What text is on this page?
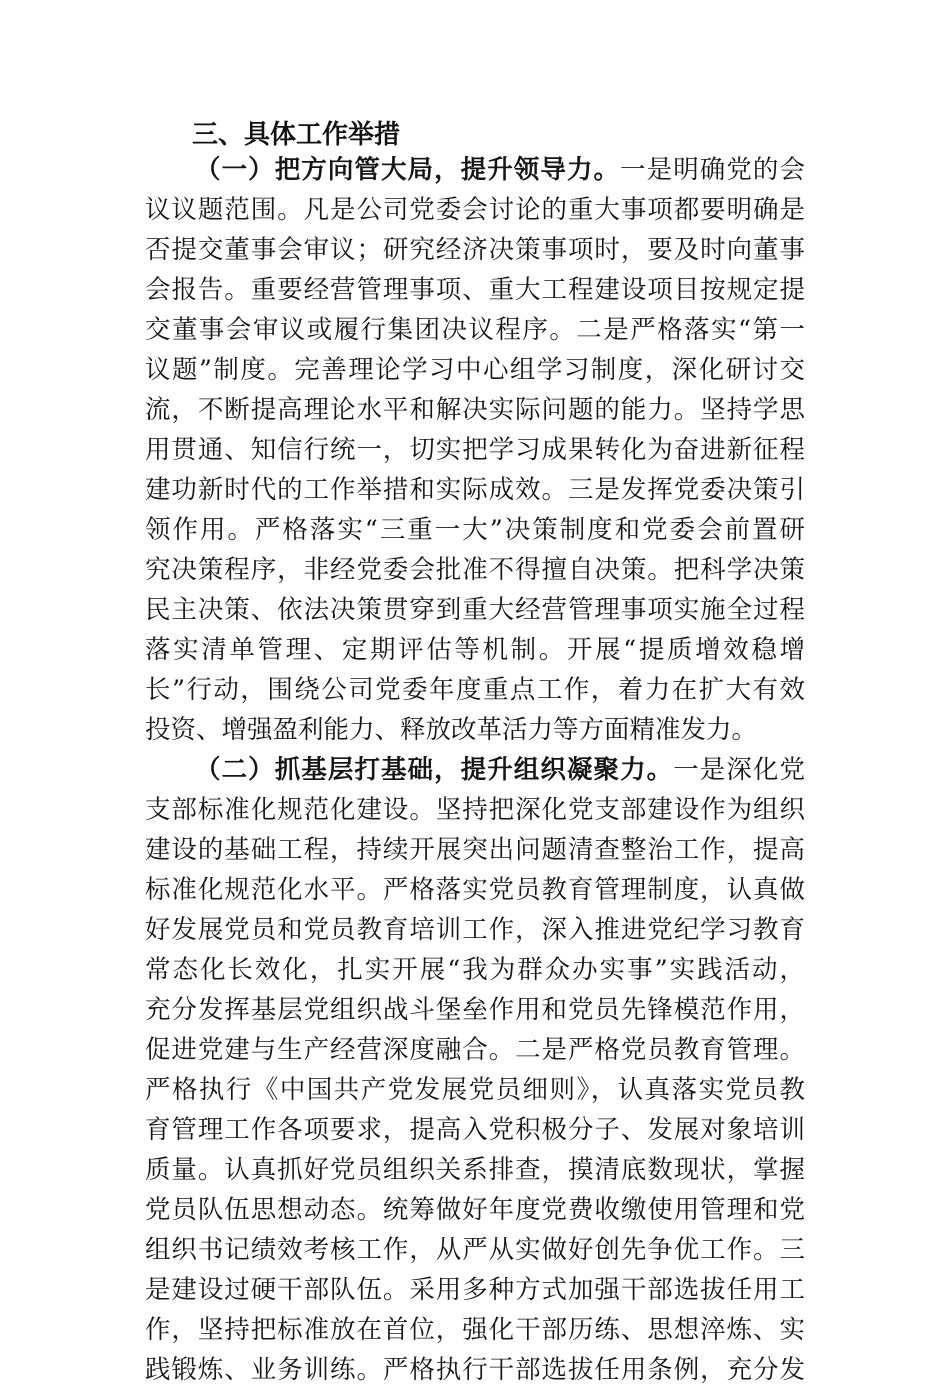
三、具体工作举措
（一）把方向管大局，提升领导力。一是明确党的会
议议题范围。凡是公司党委会讨论的重大事项都要明确是
否提交董事会审议；研究经济决策事项时，要及时向董事
会报告。重要经营管理事项、重大工程建设项目按规定提
交董事会审议或履行集团决议程序。二是严格落实“第一
议题”制度。完善理论学习中心组学习制度，深化研讨交
流，不断提高理论水平和解决实际问题的能力。坚持学思
用贯通、知信行统一，切实把学习成果转化为奋进新征程
建功新时代的工作举措和实际成效。三是发挥党委决策引
领作用。严格落实“三重一大”决策制度和党委会前置研
究决策程序，非经党委会批准不得擅自决策。把科学决策
民主决策、依法决策贯穿到重大经营管理事项实施全过程
落实清单管理、定期评估等机制。开展“提质增效稳增
长”行动，围绕公司党委年度重点工作，着力在扩大有效
投资、增强盈利能力、释放改革活力等方面精准发力。
（二）抓基层打基础，提升组织凝聚力。一是深化党
支部标准化规范化建设。坚持把深化党支部建设作为组织
建设的基础工程，持续开展突出问题清查整治工作，提高
标准化规范化水平。严格落实党员教育管理制度，认真做
好发展党员和党员教育培训工作，深入推进党纪学习教育
常态化长效化，扎实开展“我为群众办实事”实践活动，
充分发挥基层党组织战斗堡垒作用和党员先锋模范作用，
促进党建与生产经营深度融合。二是严格党员教育管理。
严格执行《中国共产党发展党员细则》，认真落实党员教
育管理工作各项要求，提高入党积极分子、发展对象培训
质量。认真抓好党员组织关系排查，摸清底数现状，掌握
党员队伍思想动态。统筹做好年度党费收缴使用管理和党
组织书记绩效考核工作，从严从实做好创先争优工作。三
是建设过硬干部队伍。采用多种方式加强干部选拔任用工
作，坚持把标准放在首位，强化干部历练、思想淬炼、实
践锻炼、业务训练。严格执行干部选拔任用条例，充分发
